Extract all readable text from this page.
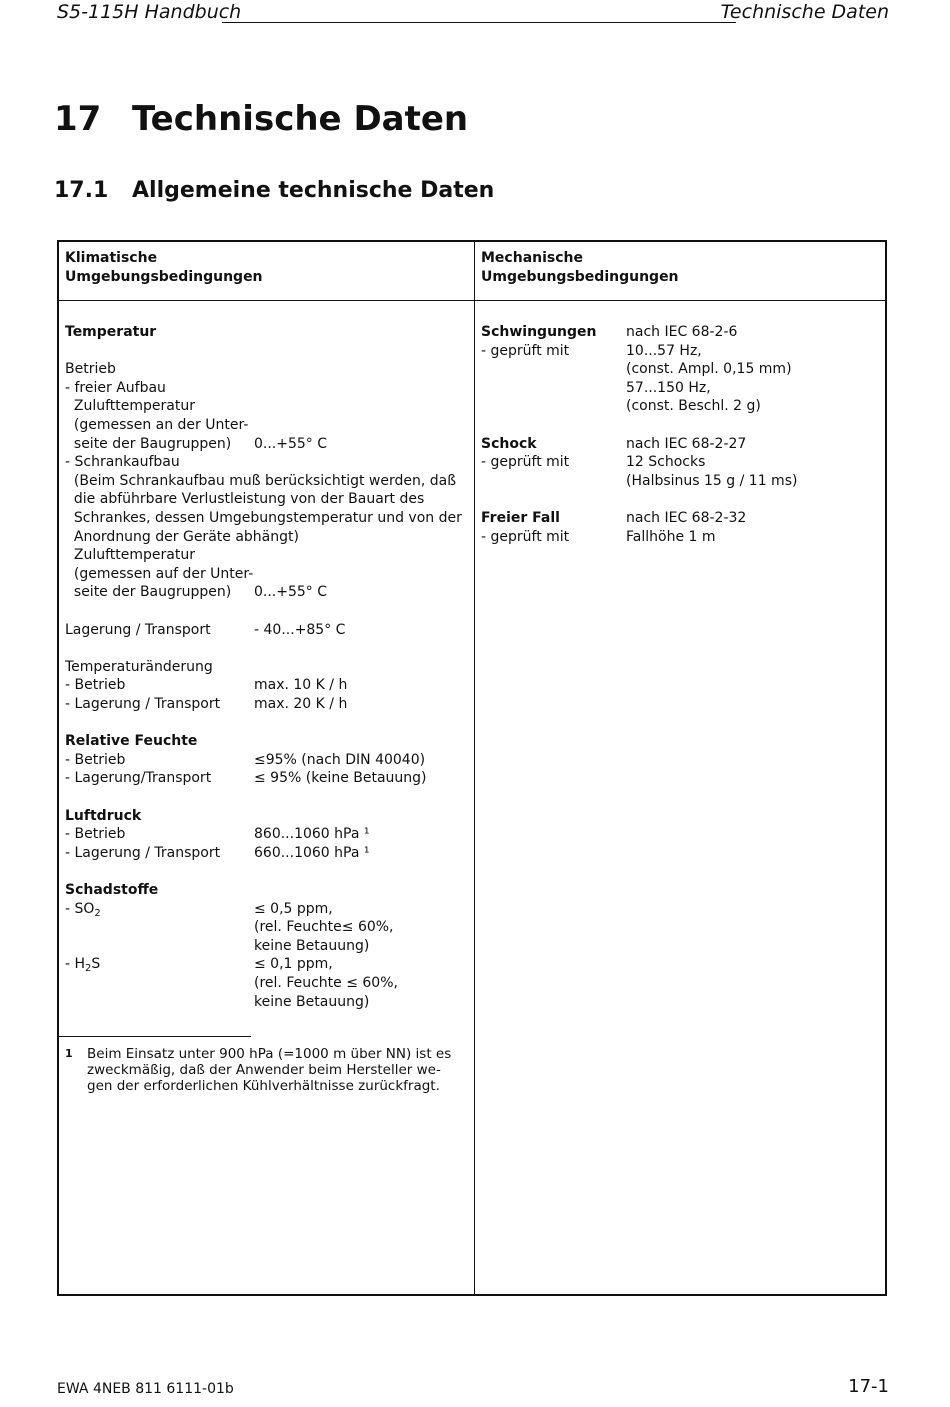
S5-115H Handbuch	Technische Daten
17 Technische Daten
17.1 Allgemeine technische Daten
Klimatische
Umgebungsbedingungen
Mechanische
Umgebungsbedingungen
Temperatur
Betrieb
- freier Aufbau
Zulufttemperatur
(gemessen an der Unter-
seite der Baugruppen) 0...+55° C
- Schrankaufbau
(Beim Schrankaufbau muß berücksichtigt werden, daß
die abführbare Verlustleistung von der Bauart des
Schrankes, dessen Umgebungstemperatur und von der
Anordnung der Geräte abhängt)
Zulufttemperatur
(gemessen auf der Unter-
seite der Baugruppen) 0...+55° C
Lagerung / Transport	- 40...+85° C
Temperaturänderung
- Betrieb	max. 10 K / h
- Lagerung / Transport max. 20 K / h
Relative Feuchte
- Betrieb	≤95% (nach DIN 40040)
- Lagerung/Transport	≤ 95% (keine Betauung)
Luftdruck
- Betrieb	860...1060 hPa ¹
- Lagerung / Transport 660...1060 hPa ¹
Schadstoffe
- $SO_2$	≤ 0,5 ppm,
(rel. Feuchte≤ 60%,
keine Betauung)
- $H_2S$	≤ 0,1 ppm,
(rel. Feuchte ≤ 60%,
keine Betauung)
Schwingungen nach IEC 68-2-6
- geprüft mit	10...57 Hz,
(const. Ampl. 0,15 mm)
57...150 Hz,
(const. Beschl. 2 g)
Schock	nach IEC 68-2-27
- geprüft mit	12 Schocks
(Halbsinus 15 g / 11 ms)
Freier Fall	nach IEC 68-2-32
- geprüft mit	Fallhöhe 1 m
1 Beim Einsatz unter 900 hPa (=1000 m über NN) ist es
zweckmäßig, daß der Anwender beim Hersteller we-
gen der erforderlichen Kühlverhältnisse zurückfragt.
EWA 4NEB 811 6111-01b	17-1
